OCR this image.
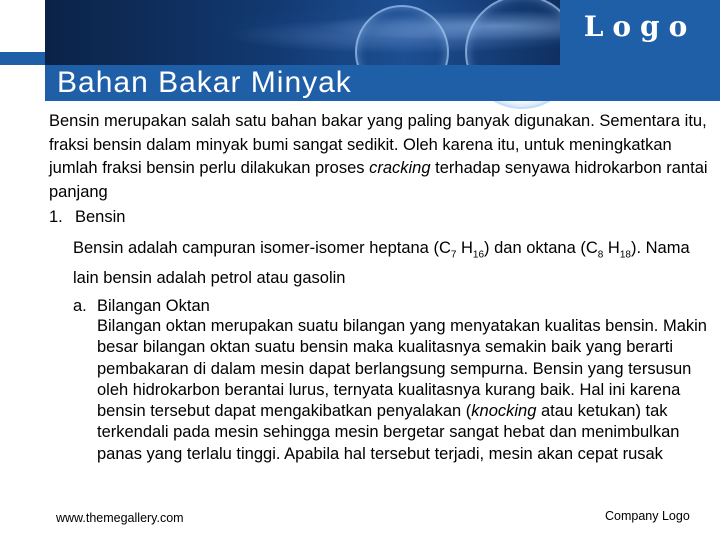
Logo
Bahan Bakar Minyak

Bensin merupakan salah satu bahan bakar yang paling banyak digunakan. Sementara itu, fraksi bensin dalam minyak bumi sangat sedikit. Oleh karena itu, untuk meningkatkan jumlah fraksi bensin perlu dilakukan proses cracking terhadap senyawa hidrokarbon rantai panjang

1. Bensin
Bensin adalah campuran isomer-isomer heptana ($C_7$ $H_{16}$) dan oktana ($C_8$ $H_{18}$). Nama lain bensin adalah petrol atau gasolin
a. Bilangan Oktan
Bilangan oktan merupakan suatu bilangan yang menyatakan kualitas bensin. Makin besar bilangan oktan suatu bensin maka kualitasnya semakin baik yang berarti pembakaran di dalam mesin dapat berlangsung sempurna. Bensin yang tersusun oleh hidrokarbon berantai lurus, ternyata kualitasnya kurang baik. Hal ini karena bensin tersebut dapat mengakibatkan penyalakan (knocking atau ketukan) tak terkendali pada mesin sehingga mesin bergetar sangat hebat dan menimbulkan panas yang terlalu tinggi. Apabila hal tersebut terjadi, mesin akan cepat rusak
www.themegallery.com	Company Logo
